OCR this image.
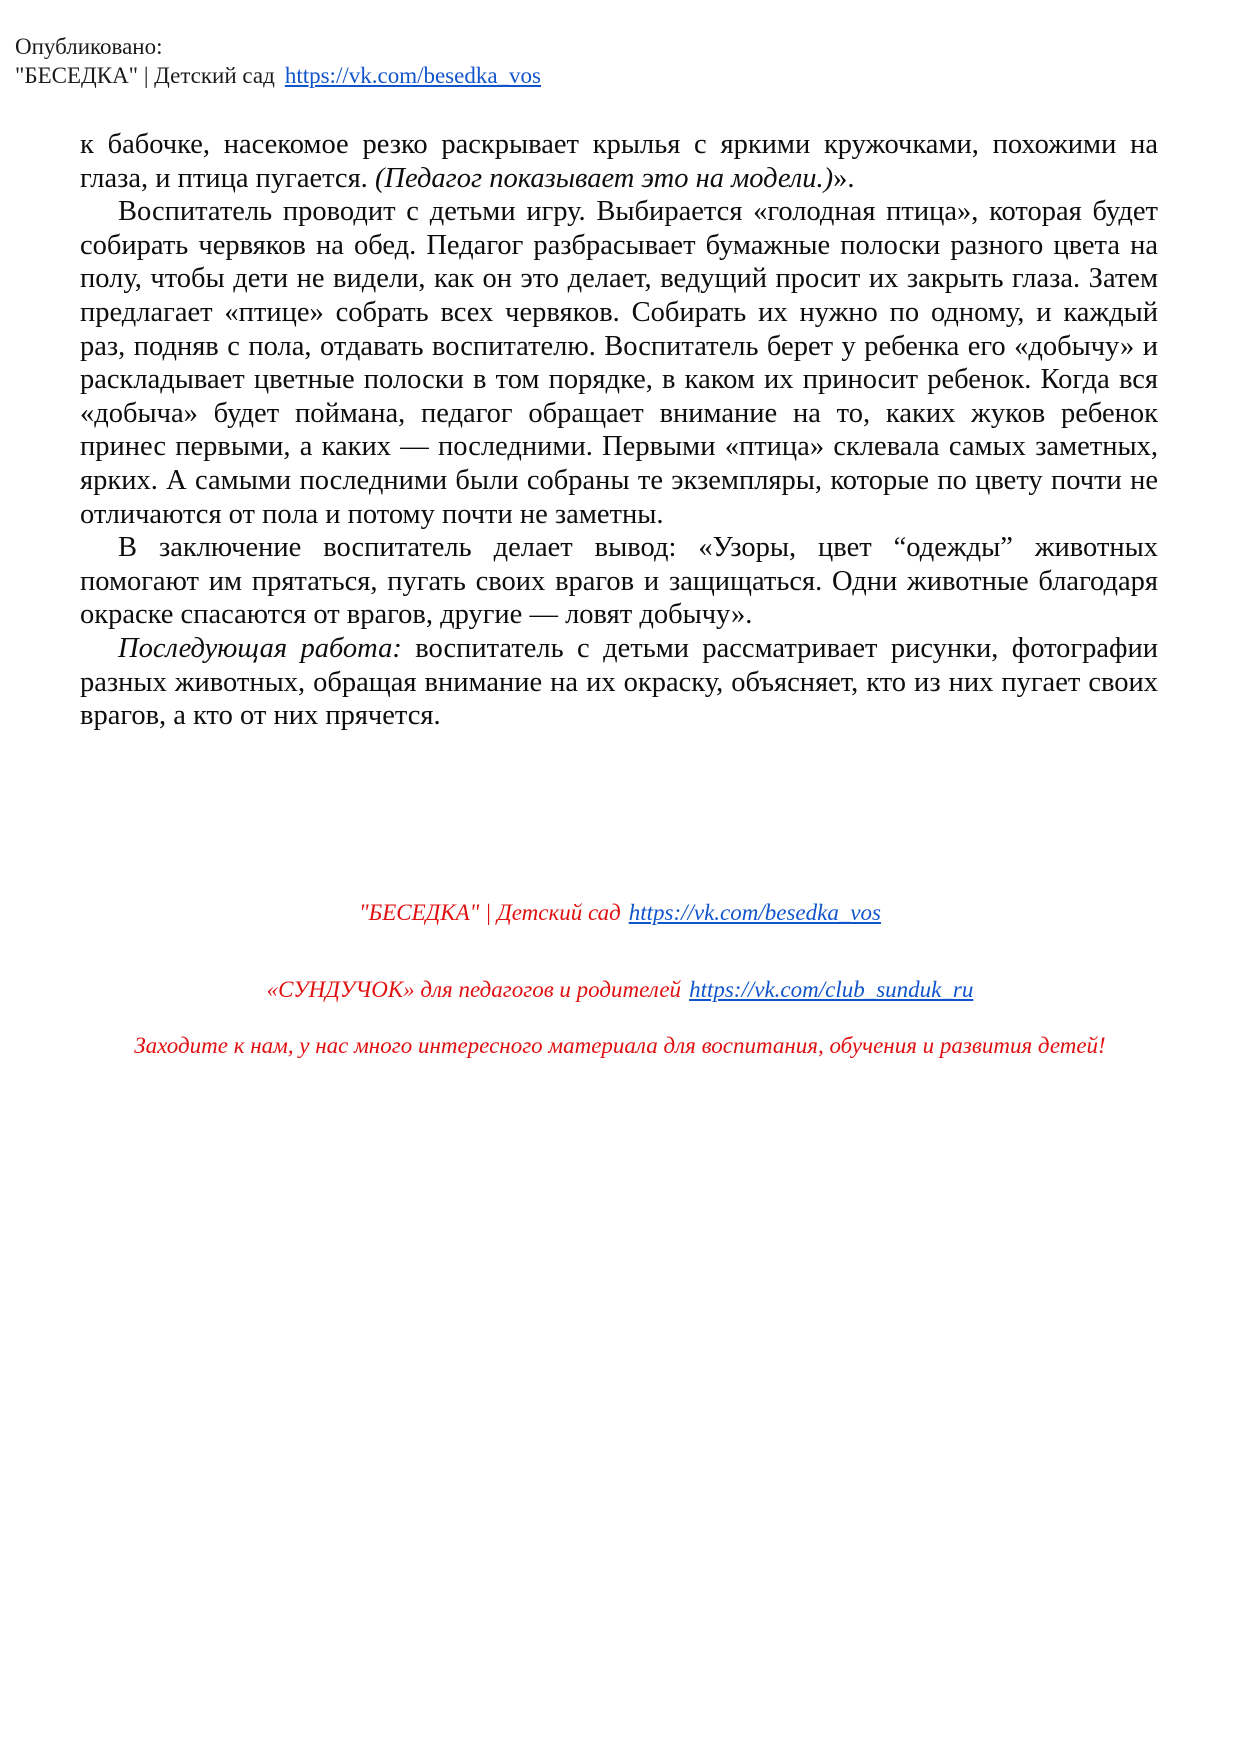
Опубликовано:
"БЕСЕДКА" | Детский сад https://vk.com/besedka_vos

к бабочке, насекомое резко раскрывает крылья с яркими кружочками, похожими на глаза, и птица пугается. (Педагог показывает это на модели.)».

Воспитатель проводит с детьми игру. Выбирается «голодная птица», которая будет собирать червяков на обед. Педагог разбрасывает бумажные полоски разного цвета на полу, чтобы дети не видели, как он это делает, ведущий просит их закрыть глаза. Затем предлагает «птице» собрать всех червяков. Собирать их нужно по одному, и каждый раз, подняв с пола, отдавать воспитателю. Воспитатель берет у ребенка его «добычу» и раскладывает цветные полоски в том порядке, в каком их приносит ребенок. Когда вся «добыча» будет поймана, педагог обращает внимание на то, каких жуков ребенок принес первыми, а каких — последними. Первыми «птица» склевала самых заметных, ярких. А самыми последними были собраны те экземпляры, которые по цвету почти не отличаются от пола и потому почти не заметны.

В заключение воспитатель делает вывод: «Узоры, цвет “одежды” животных помогают им прятаться, пугать своих врагов и защищаться. Одни животные благодаря окраске спасаются от врагов, другие — ловят добычу».

Последующая работа: воспитатель с детьми рассматривает рисунки, фотографии разных животных, обращая внимание на их окраску, объясняет, кто из них пугает своих врагов, а кто от них прячется.

"БЕСЕДКА" | Детский сад https://vk.com/besedka_vos
«СУНДУЧОК» для педагогов и родителей https://vk.com/club_sunduk_ru
Заходите к нам, у нас много интересного материала для воспитания, обучения и развития детей!
